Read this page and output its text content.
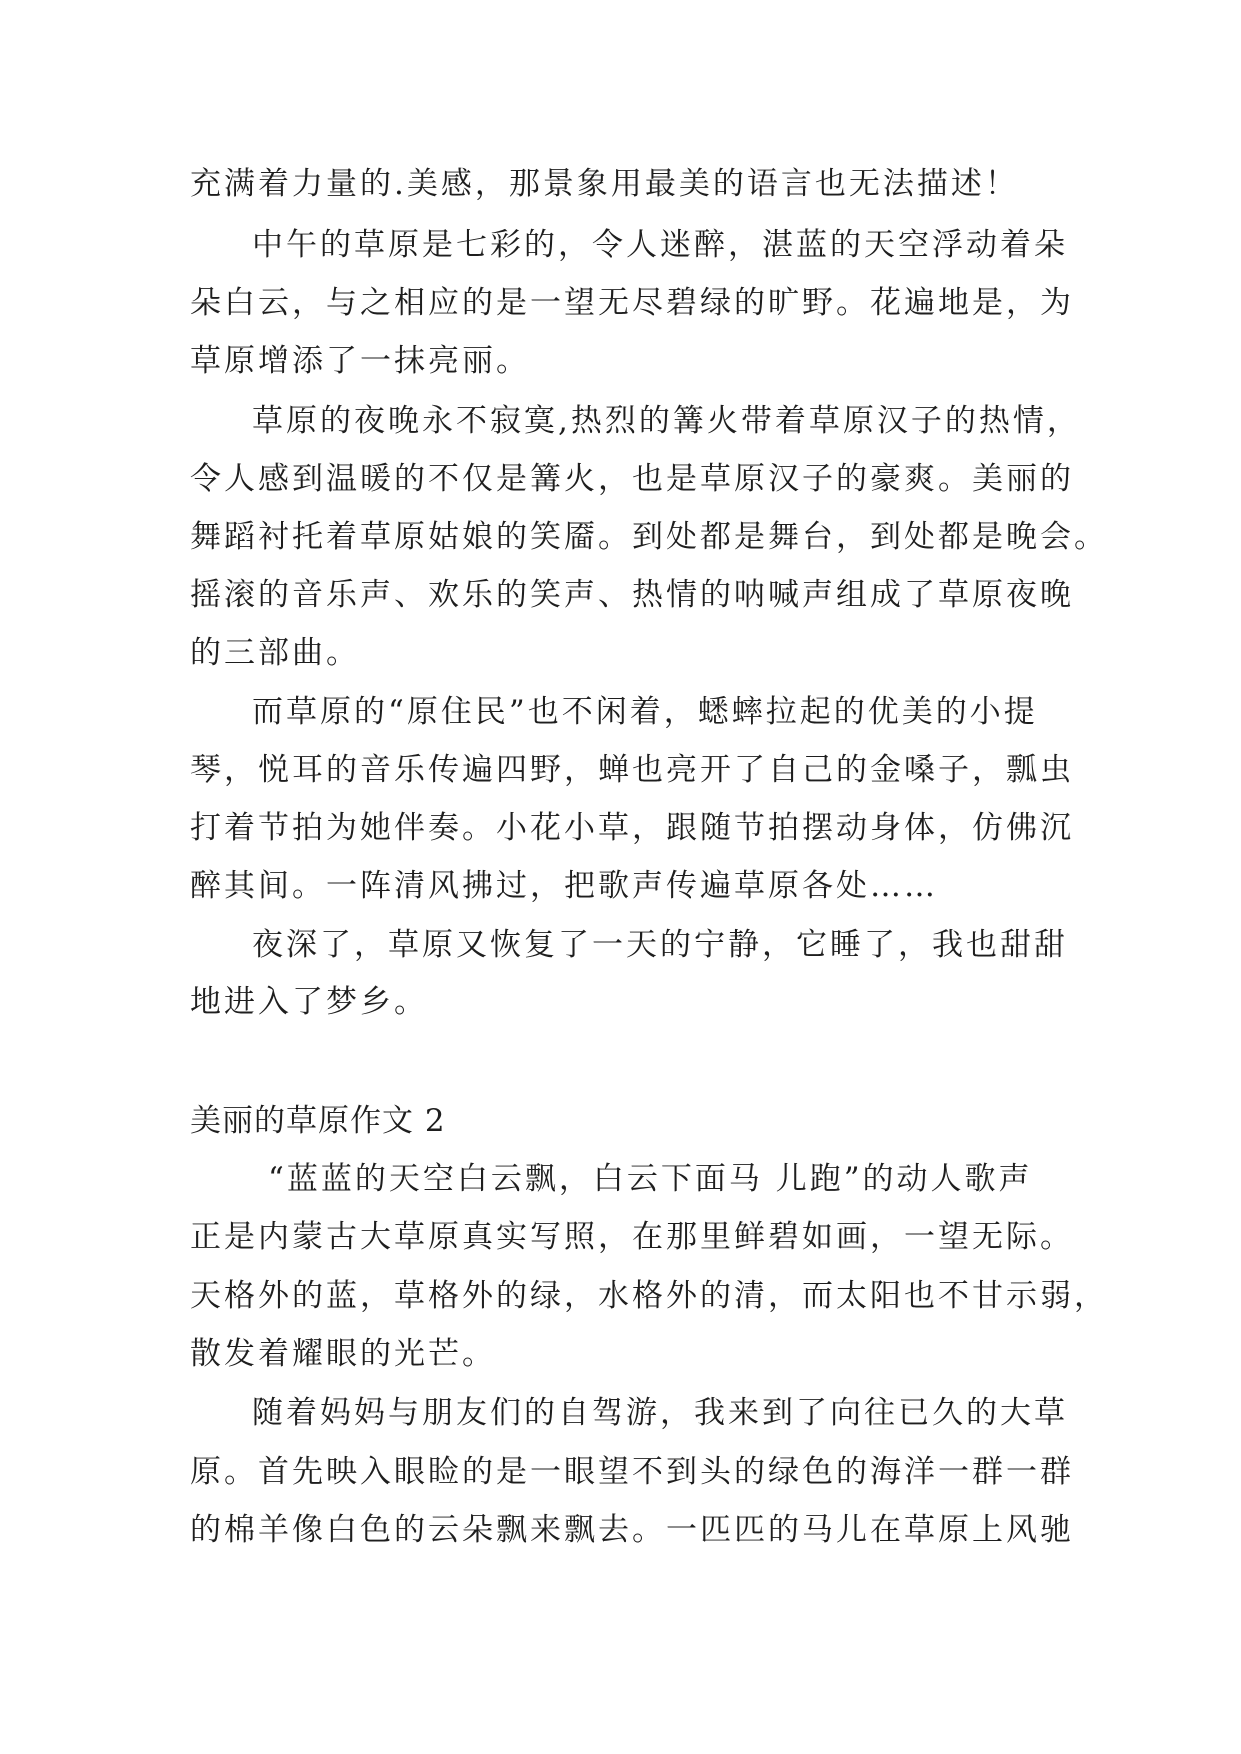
充满着力量的.美感，那景象用最美的语言也无法描述！
中午的草原是七彩的，令人迷醉，湛蓝的天空浮动着朵
朵白云，与之相应的是一望无尽碧绿的旷野。花遍地是，为
草原增添了一抹亮丽。
草原的夜晚永不寂寞,热烈的篝火带着草原汉子的热情，
令人感到温暖的不仅是篝火，也是草原汉子的豪爽。美丽的
舞蹈衬托着草原姑娘的笑靥。到处都是舞台，到处都是晚会。
摇滚的音乐声、欢乐的笑声、热情的呐喊声组成了草原夜晚
的三部曲。
而草原的“原住民”也不闲着，蟋蟀拉起的优美的小提
琴，悦耳的音乐传遍四野，蝉也亮开了自己的金嗓子，瓢虫
打着节拍为她伴奏。小花小草，跟随节拍摆动身体，仿佛沉
醉其间。一阵清风拂过，把歌声传遍草原各处……
夜深了，草原又恢复了一天的宁静，它睡了，我也甜甜
地进入了梦乡。
美丽的草原作文 2
“蓝蓝的天空白云飘，白云下面马 儿跑”的动人歌声
正是内蒙古大草原真实写照，在那里鲜碧如画，一望无际。
天格外的蓝，草格外的绿，水格外的清，而太阳也不甘示弱，
散发着耀眼的光芒。
随着妈妈与朋友们的自驾游，我来到了向往已久的大草
原。首先映入眼睑的是一眼望不到头的绿色的海洋一群一群
的棉羊像白色的云朵飘来飘去。一匹匹的马儿在草原上风驰
